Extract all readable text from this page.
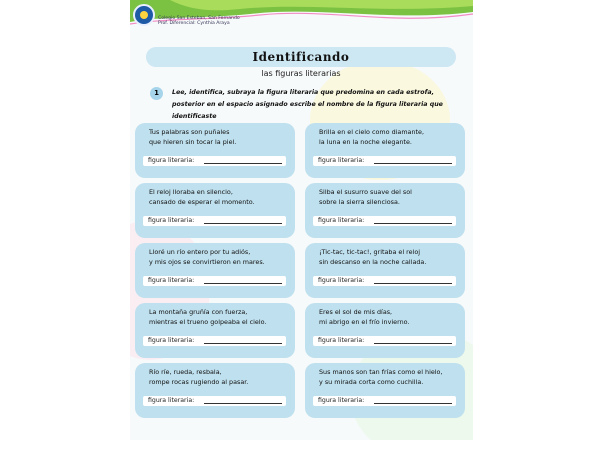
Colegio San Esteban, San Fernando
Prof. Diferencial: Cynthia Araya
Identificando
las figuras literarias
1	Lee, identifica, subraya la figura literaria que predomina en cada estrofa,
posterior en el espacio asignado escribe el nombre de la figura literaria que
identificaste
Tus palabras son puñales
que hieren sin tocar la piel.
figura literaria:
Brilla en el cielo como diamante,
la luna en la noche elegante.
figura literaria:
El reloj lloraba en silencio,
cansado de esperar el momento.
figura literaria:
Silba el susurro suave del sol
sobre la sierra silenciosa.
figura literaria:
Lloré un río entero por tu adiós,
y mis ojos se convirtieron en mares.
figura literaria:
¡Tic-tac, tic-tac!, gritaba el reloj
sin descanso en la noche callada.
figura literaria:
La montaña gruñía con fuerza,
mientras el trueno golpeaba el cielo.
figura literaria:
Eres el sol de mis días,
mi abrigo en el frío invierno.
figura literaria:
Río ríe, rueda, resbala,
rompe rocas rugiendo al pasar.
figura literaria:
Sus manos son tan frías como el hielo,
y su mirada corta como cuchilla.
figura literaria:
